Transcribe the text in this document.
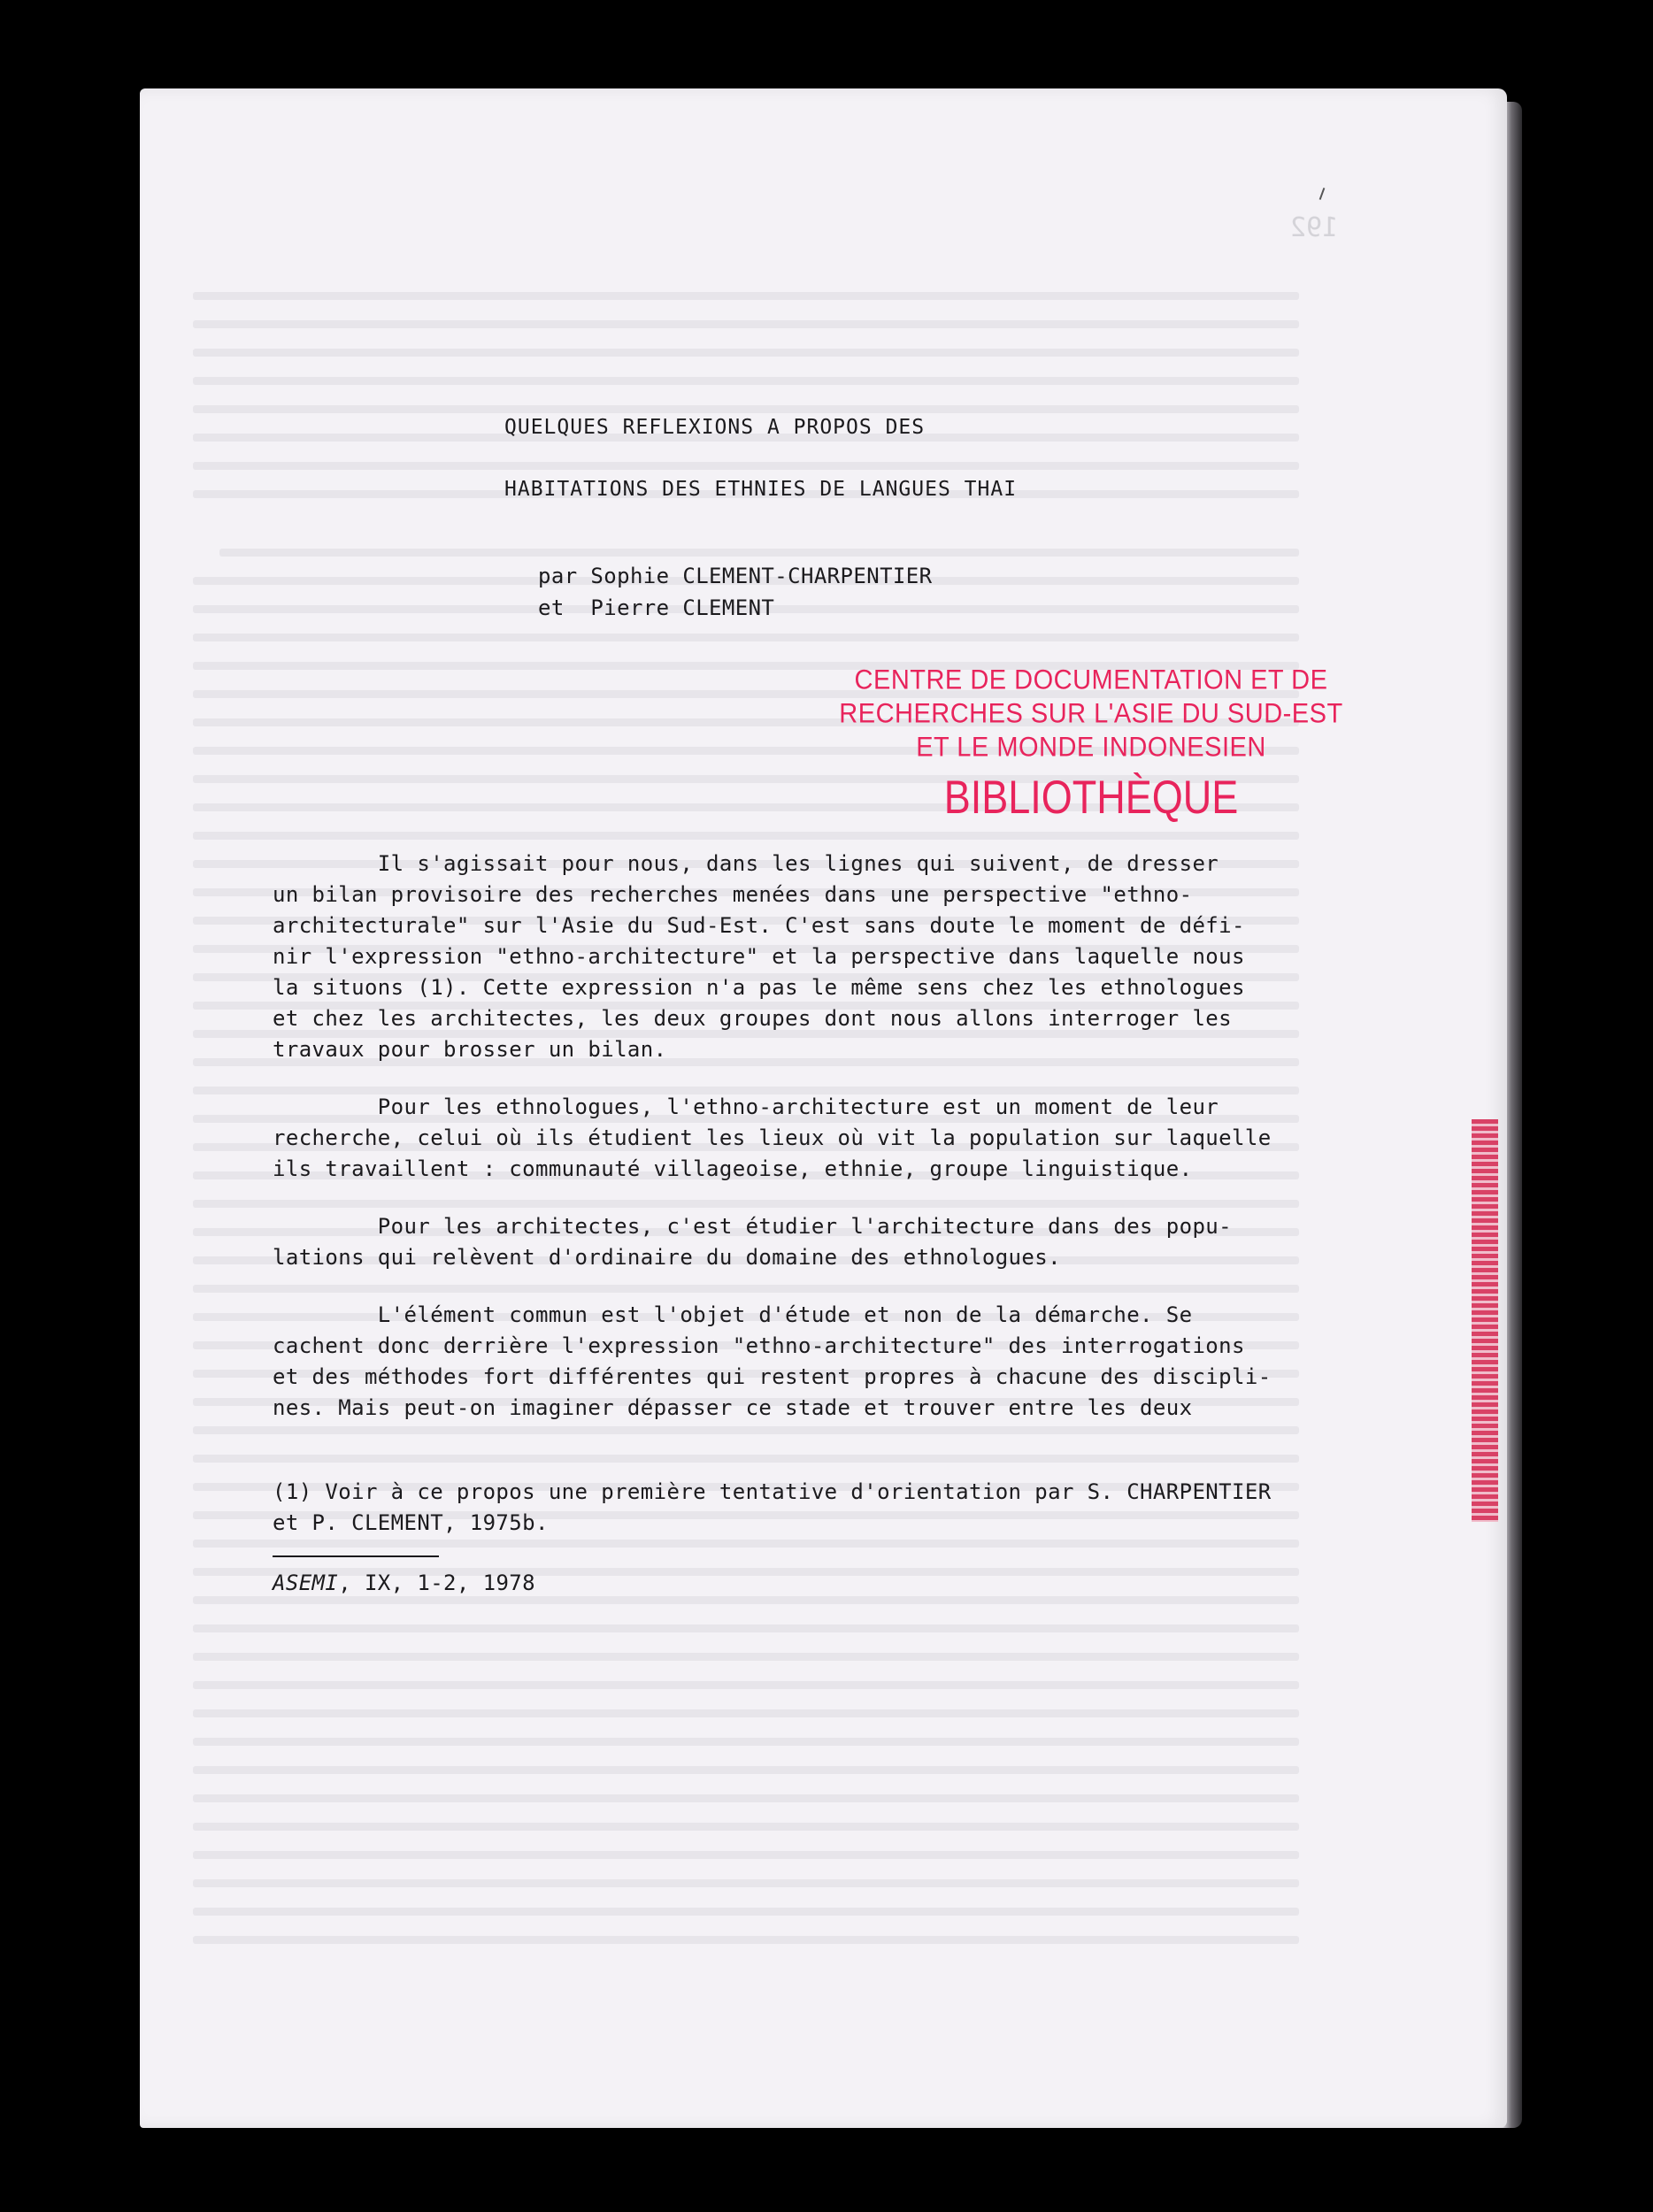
192
QUELQUES REFLEXIONS A PROPOS DES
HABITATIONS DES ETHNIES DE LANGUES THAI
par Sophie CLEMENT-CHARPENTIER
et  Pierre CLEMENT
CENTRE DE DOCUMENTATION ET DE
RECHERCHES SUR L'ASIE DU SUD-EST
ET LE MONDE INDONESIEN
BIBLIOTHÈQUE
Il s'agissait pour nous, dans les lignes qui suivent, de dresser
un bilan provisoire des recherches menées dans une perspective "ethno-
architecturale" sur l'Asie du Sud-Est. C'est sans doute le moment de défi-
nir l'expression "ethno-architecture" et la perspective dans laquelle nous
la situons (1). Cette expression n'a pas le même sens chez les ethnologues
et chez les architectes, les deux groupes dont nous allons interroger les
travaux pour brosser un bilan.
Pour les ethnologues, l'ethno-architecture est un moment de leur
recherche, celui où ils étudient les lieux où vit la population sur laquelle
ils travaillent : communauté villageoise, ethnie, groupe linguistique.
Pour les architectes, c'est étudier l'architecture dans des popu-
lations qui relèvent d'ordinaire du domaine des ethnologues.
L'élément commun est l'objet d'étude et non de la démarche. Se
cachent donc derrière l'expression "ethno-architecture" des interrogations
et des méthodes fort différentes qui restent propres à chacune des discipli-
nes. Mais peut-on imaginer dépasser ce stade et trouver entre les deux
(1) Voir à ce propos une première tentative d'orientation par S. CHARPENTIER
et P. CLEMENT, 1975b.
ASEMI, IX, 1-2, 1978
